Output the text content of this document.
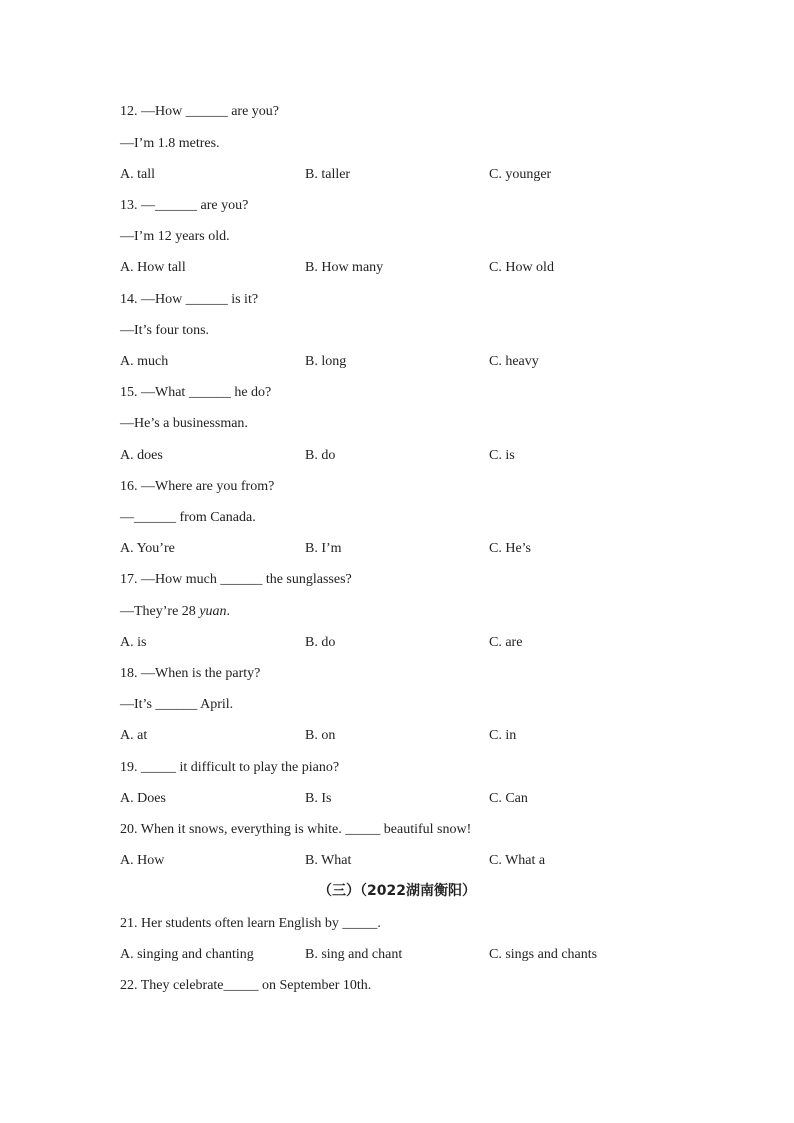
12. —How ______ are you?
—I’m 1.8 metres.
A. tall	B. taller	C. younger
13. —______ are you?
—I’m 12 years old.
A. How tall	B. How many	C. How old
14. —How ______ is it?
—It’s four tons.
A. much	B. long	C. heavy
15. —What ______ he do?
—He’s a businessman.
A. does	B. do	C. is
16. —Where are you from?
—______ from Canada.
A. You’re	B. I’m	C. He’s
17. —How much ______ the sunglasses?
—They’re 28 yuan.
A. is	B. do	C. are
18. —When is the party?
—It’s ______ April.
A. at	B. on	C. in
19. _____ it difficult to play the piano?
A. Does	B. Is	C. Can
20. When it snows, everything is white. _____ beautiful snow!
A. How	B. What	C. What a
（三）（2022湖南衡阳）
21. Her students often learn English by _____.
A. singing and chanting	B. sing and chant	C. sings and chants
22. They celebrate_____ on September 10th.
